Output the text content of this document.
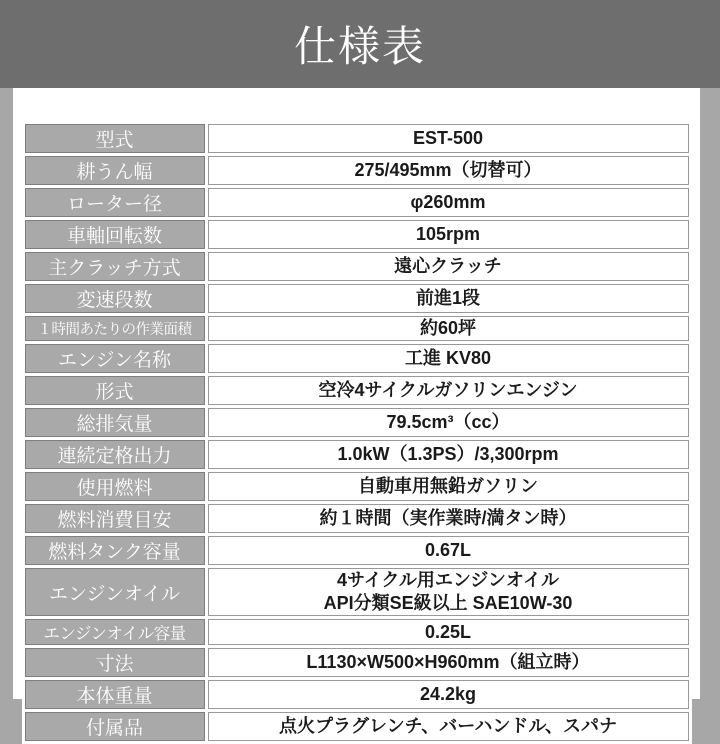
仕様表
型式	EST-500

耕うん幅	275/495mm（切替可）

ローター径	φ260mm

車軸回転数	105rpm

主クラッチ方式	遠心クラッチ

変速段数	前進1段

１時間あたりの作業面積	約60坪

エンジン名称	工進 KV80

形式	空冷4サイクルガソリンエンジン

総排気量	79.5cm³（cc）

連続定格出力	1.0kW（1.3PS）/3,300rpm

使用燃料	自動車用無鉛ガソリン

燃料消費目安	約１時間（実作業時/満タン時）

燃料タンク容量	0.67L

エンジンオイル	4サイクル用エンジンオイル
API分類SE級以上 SAE10W-30

エンジンオイル容量	0.25L

寸法	L1130×W500×H960mm（組立時）

本体重量	24.2kg

付属品	点火プラグレンチ、バーハンドル、スパナ
